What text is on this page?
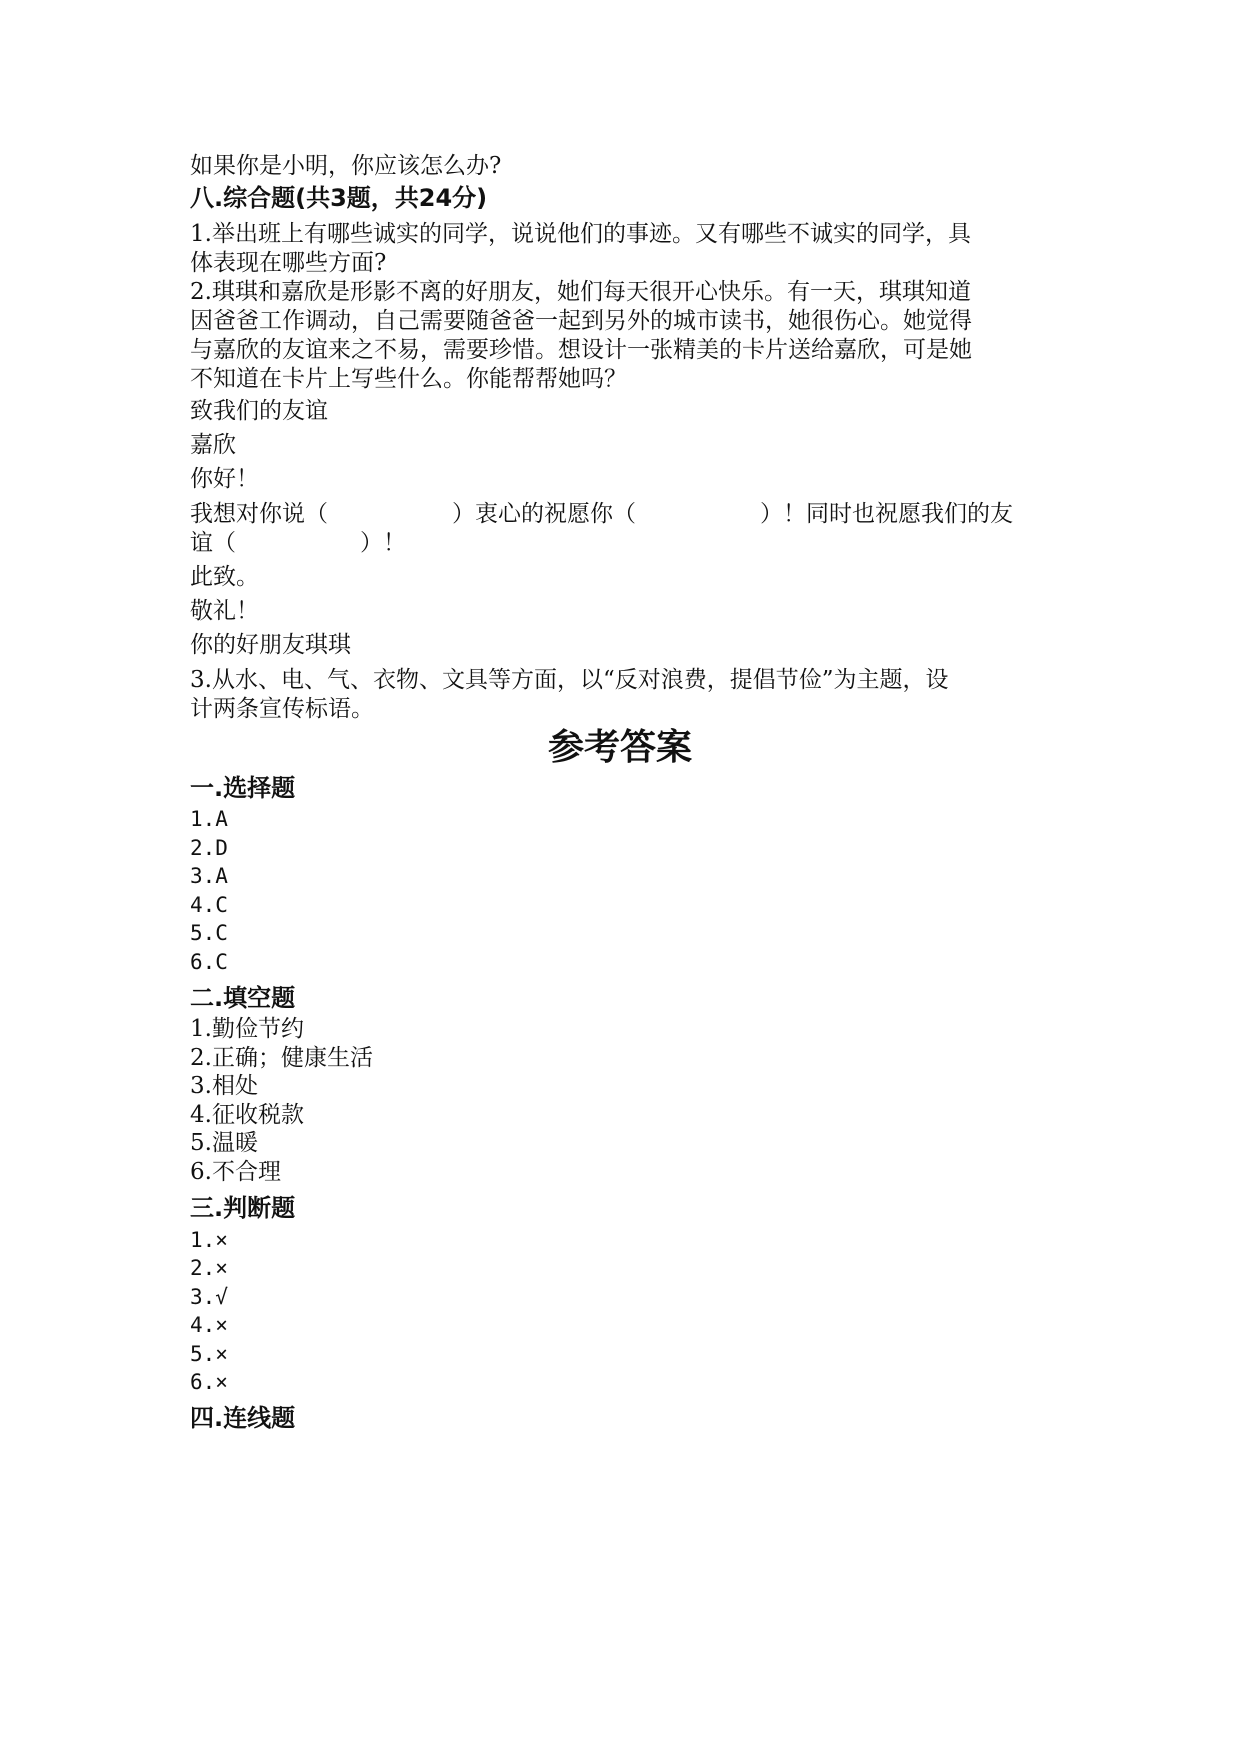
如果你是小明，你应该怎么办?
八.综合题(共3题，共24分)
1.举出班上有哪些诚实的同学，说说他们的事迹。又有哪些不诚实的同学，具
体表现在哪些方面?
2.琪琪和嘉欣是形影不离的好朋友，她们每天很开心快乐。有一天，琪琪知道
因爸爸工作调动，自己需要随爸爸一起到另外的城市读书，她很伤心。她觉得
与嘉欣的友谊来之不易，需要珍惜。想设计一张精美的卡片送给嘉欣，可是她
不知道在卡片上写些什么。你能帮帮她吗？
致我们的友谊
嘉欣
你好！
我想对你说（	）衷心的祝愿你（	）！同时也祝愿我们的友
谊（	）！
此致。
敬礼！
你的好朋友琪琪
3.从水、电、气、衣物、文具等方面，以“反对浪费，提倡节俭”为主题，设
计两条宣传标语。
参考答案
一.选择题
1.A
2.D
3.A
4.C
5.C
6.C
二.填空题
1.勤俭节约
2.正确；健康生活
3.相处
4.征收税款
5.温暖
6.不合理
三.判断题
1.×
2.×
3.√
4.×
5.×
6.×
四.连线题
